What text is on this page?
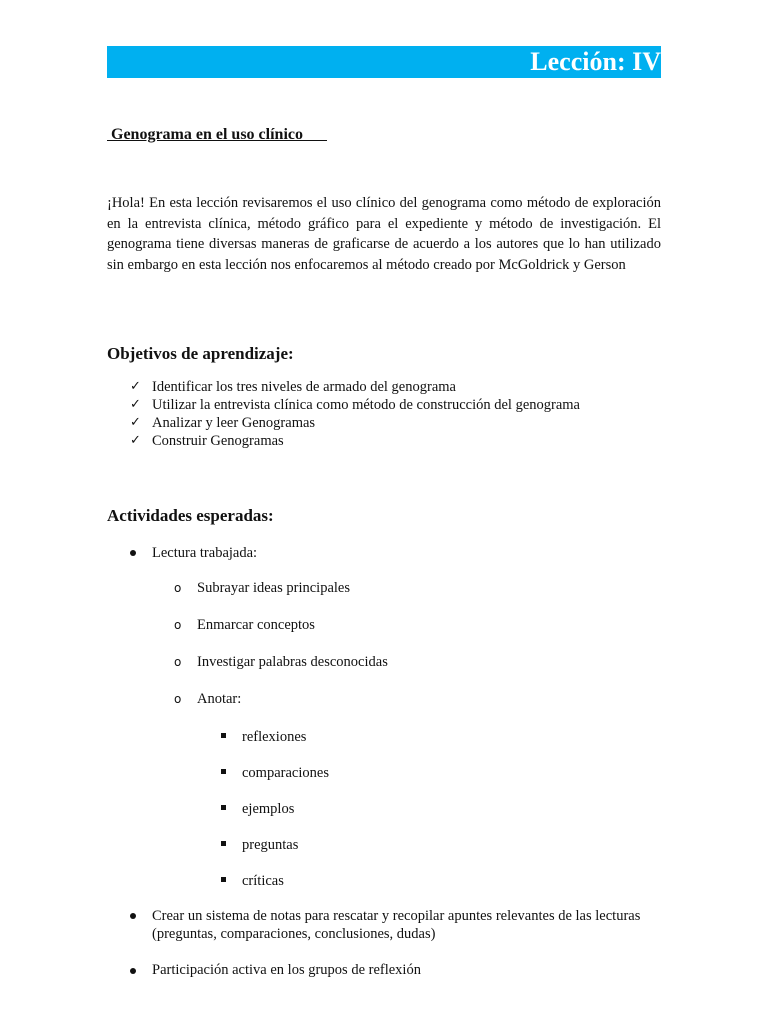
Lección: IV
Genograma en el uso clínico

¡Hola! En esta lección revisaremos el uso clínico del genograma como método de exploración en la entrevista clínica, método gráfico para el expediente y método de investigación. El genograma tiene diversas maneras de graficarse de acuerdo a los autores que lo han utilizado sin embargo en esta lección nos enfocaremos al método creado por McGoldrick y Gerson

Objetivos de aprendizaje:
✓ Identificar los tres niveles de armado del genograma
✓ Utilizar la entrevista clínica como método de construcción del genograma
✓ Analizar y leer Genogramas
✓ Construir Genogramas
Actividades esperadas:
Lectura trabajada:
o Subrayar ideas principales
o Enmarcar conceptos
o Investigar palabras desconocidas
o Anotar:
reflexiones
comparaciones
ejemplos
preguntas
críticas
Crear un sistema de notas para rescatar y recopilar apuntes relevantes de las lecturas (preguntas, comparaciones, conclusiones, dudas)
Participación activa en los grupos de reflexión
